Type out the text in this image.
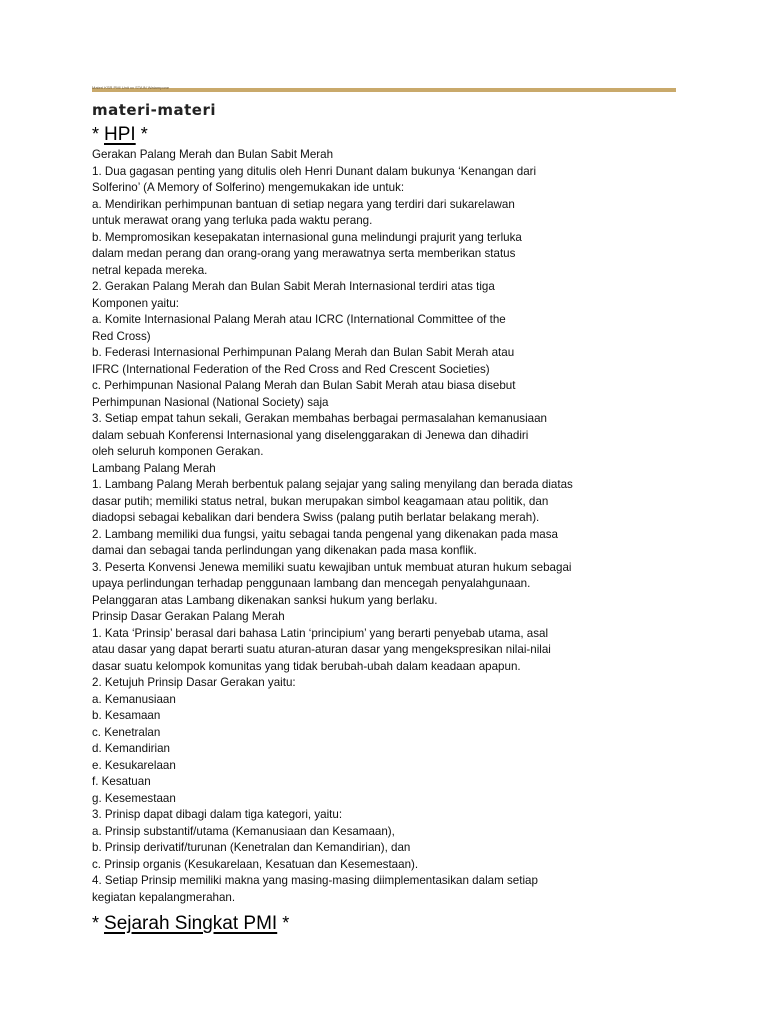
Materi KSR PMI Unit xx STAIN Watampone
materi-materi
* HPI *
Gerakan Palang Merah dan Bulan Sabit Merah
1. Dua gagasan penting yang ditulis oleh Henri Dunant dalam bukunya ‘Kenangan dari
Solferino’ (A Memory of Solferino) mengemukakan ide untuk:
a. Mendirikan perhimpunan bantuan di setiap negara yang terdiri dari sukarelawan
untuk merawat orang yang terluka pada waktu perang.
b. Mempromosikan kesepakatan internasional guna melindungi prajurit yang terluka
dalam medan perang dan orang-orang yang merawatnya serta memberikan status
netral kepada mereka.
2. Gerakan Palang Merah dan Bulan Sabit Merah Internasional terdiri atas tiga
Komponen yaitu:
a. Komite Internasional Palang Merah atau ICRC (International Committee of the
Red Cross)
b. Federasi Internasional Perhimpunan Palang Merah dan Bulan Sabit Merah atau
IFRC (International Federation of the Red Cross and Red Crescent Societies)
c. Perhimpunan Nasional Palang Merah dan Bulan Sabit Merah atau biasa disebut
Perhimpunan Nasional (National Society) saja
3. Setiap empat tahun sekali, Gerakan membahas berbagai permasalahan kemanusiaan
dalam sebuah Konferensi Internasional yang diselenggarakan di Jenewa dan dihadiri
oleh seluruh komponen Gerakan.
Lambang Palang Merah
1. Lambang Palang Merah berbentuk palang sejajar yang saling menyilang dan berada diatas
dasar putih; memiliki status netral, bukan merupakan simbol keagamaan atau politik, dan
diadopsi sebagai kebalikan dari bendera Swiss (palang putih berlatar belakang merah).
2. Lambang memiliki dua fungsi, yaitu sebagai tanda pengenal yang dikenakan pada masa
damai dan sebagai tanda perlindungan yang dikenakan pada masa konflik.
3. Peserta Konvensi Jenewa memiliki suatu kewajiban untuk membuat aturan hukum sebagai
upaya perlindungan terhadap penggunaan lambang dan mencegah penyalahgunaan.
Pelanggaran atas Lambang dikenakan sanksi hukum yang berlaku.
Prinsip Dasar Gerakan Palang Merah
1. Kata ‘Prinsip’ berasal dari bahasa Latin ‘principium’ yang berarti penyebab utama, asal
atau dasar yang dapat berarti suatu aturan-aturan dasar yang mengekspresikan nilai-nilai
dasar suatu kelompok komunitas yang tidak berubah-ubah dalam keadaan apapun.
2. Ketujuh Prinsip Dasar Gerakan yaitu:
a. Kemanusiaan
b. Kesamaan
c. Kenetralan
d. Kemandirian
e. Kesukarelaan
f. Kesatuan
g. Kesemestaan
3. Prinisp dapat dibagi dalam tiga kategori, yaitu:
a. Prinsip substantif/utama (Kemanusiaan dan Kesamaan),
b. Prinsip derivatif/turunan (Kenetralan dan Kemandirian), dan
c. Prinsip organis (Kesukarelaan, Kesatuan dan Kesemestaan).
4. Setiap Prinsip memiliki makna yang masing-masing diimplementasikan dalam setiap
kegiatan kepalangmerahan.
* Sejarah Singkat PMI *
